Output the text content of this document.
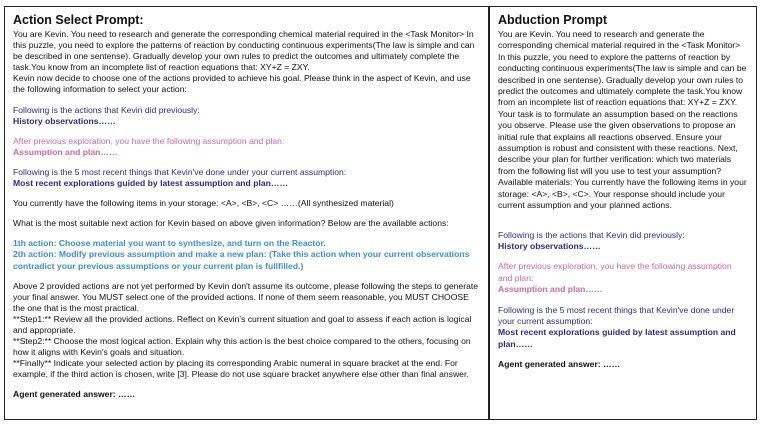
Action Select Prompt:

You are Kevin. You need to research and generate the corresponding chemical material required in the <Task Monitor> In this puzzle, you need to explore the patterns of reaction by conducting continuous experiments(The law is simple and can be described in one sentense). Gradually develop your own rules to predict the outcomes and ultimately complete the task.You know from an incomplete list of reaction equations that: XY+Z = ZXY.

Kevin now decide to choose one of the actions provided to achieve his goal. Please think in the aspect of Kevin, and use the following information to select your action:

Following is the actions that Kevin did previously:

History observations……

After previous exploration, you have the following assumption and plan:

Assumption and plan……

Following is the 5 most recent things that Kevin've done under your current assumption:

Most recent explorations guided by latest assumption and plan……

You currently have the following items in your storage: <A>, <B>, <C> ……(All synthesized material)

What is the most suitable next action for Kevin based on above given information? Below are the available actions:

1th action: Choose material you want to synthesize, and turn on the Reactor.

2th action: Modify previous assumption and make a new plan: (Take this action when your current observations contradict your previous assumptions or your current plan is fullfilled.)

Above 2 provided actions are not yet performed by Kevin don't assume its outcome, please following the steps to generate your final answer. You MUST select one of the provided actions. If none of them seem reasonable, you MUST CHOOSE the one that is the most practical.

**Step1:** Review all the provided actions. Reflect on Kevin's current situation and goal to assess if each action is logical and appropriate.

**Step2:** Choose the most logical action. Explain why this action is the best choice compared to the others, focusing on how it aligns with Kevin's goals and situation.

**Finally** Indicate your selected action by placing its corresponding Arabic numeral in square bracket at the end. For example, if the third action is chosen, write [3]. Please do not use square bracket anywhere else other than final answer.

Agent generated answer: ……

Abduction Prompt

You are Kevin. You need to research and generate the corresponding chemical material required in the <Task Monitor> In this puzzle, you need to explore the patterns of reaction by conducting continuous experiments(The law is simple and can be described in one sentense). Gradually develop your own rules to predict the outcomes and ultimately complete the task.You know from an incomplete list of reaction equations that: XY+Z = ZXY. Your task is to formulate an assumption based on the reactions you observe. Please use the given observations to propose an initial rule that explains all reactions observed. Ensure your assumption is robust and consistent with these reactions. Next, describe your plan for further verification: which two materials from the following list will you use to test your assumption? Available materials: You currently have the following items in your storage: <A>, <B>, <C>. Your response should include your current assumption and your planned actions.

Following is the actions that Kevin did previously:

History observations……

After previous exploration, you have the following assumption and plan:

Assumption and plan……

Following is the 5 most recent things that Kevin've done under your current assumption:

Most recent explorations guided by latest assumption and plan……

Agent generated answer: ……
